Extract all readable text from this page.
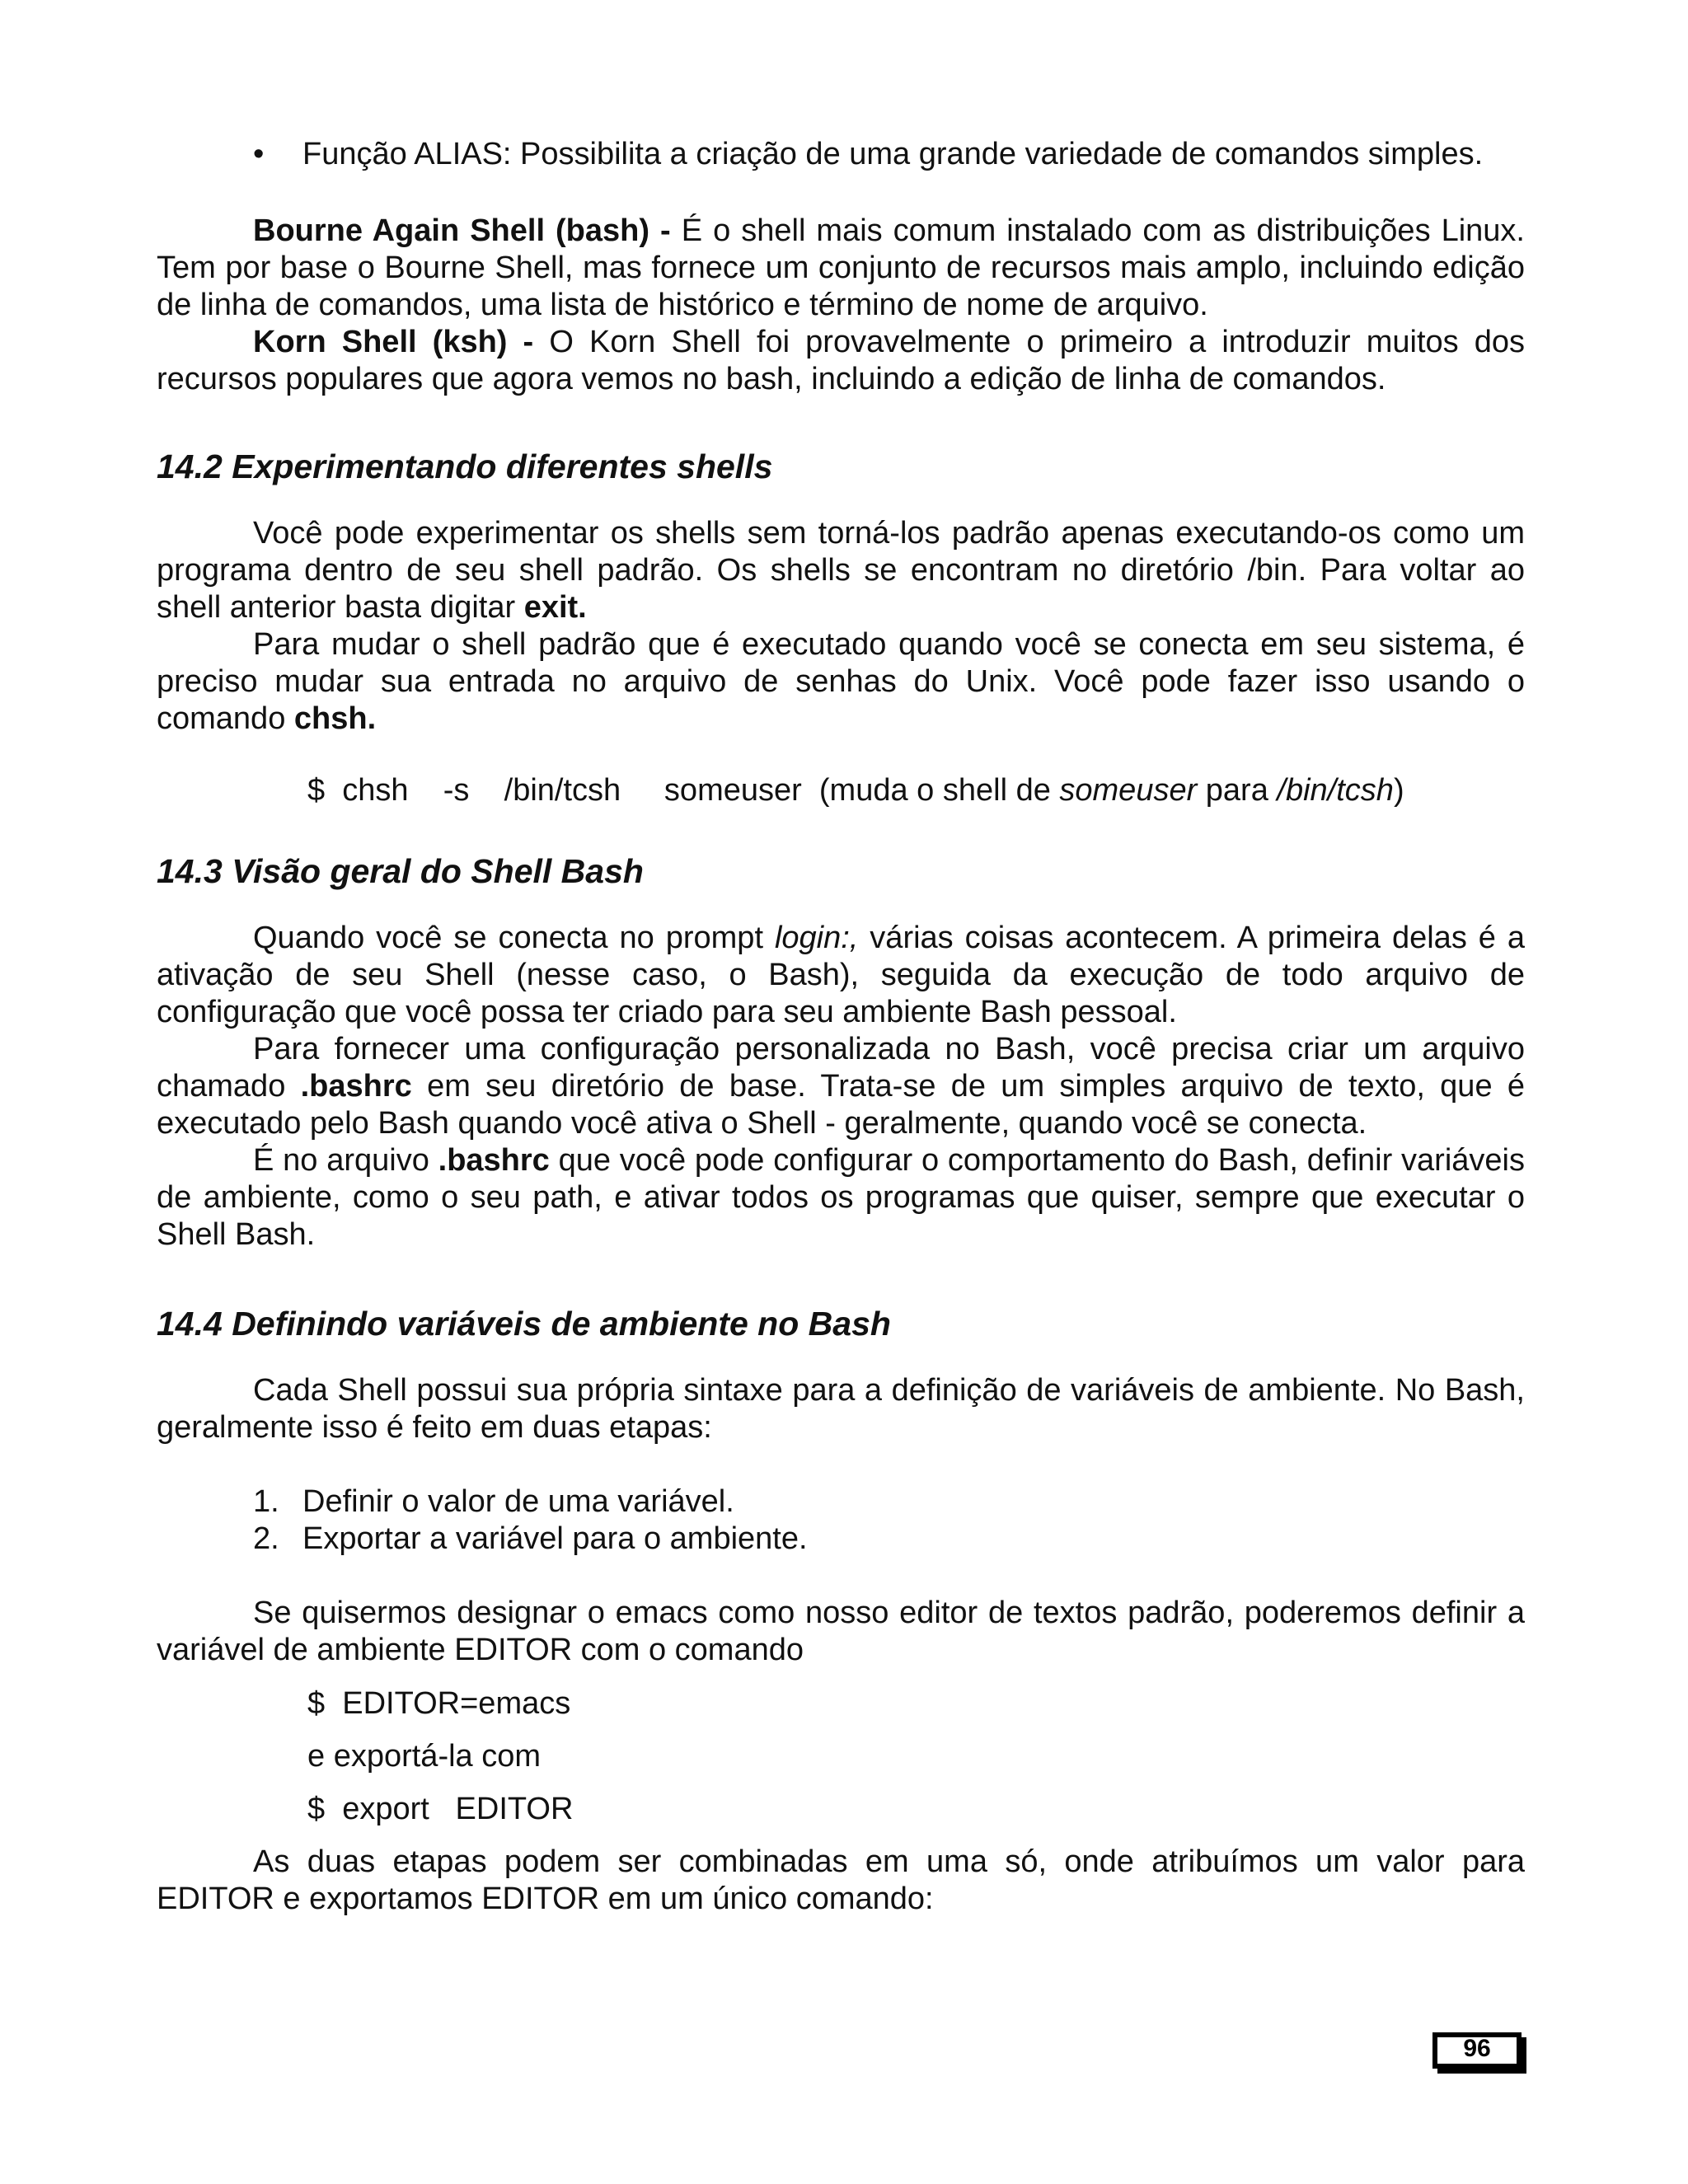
• Função ALIAS: Possibilita a criação de uma grande variedade de comandos simples.

Bourne Again Shell (bash) - É o shell mais comum instalado com as distribuições Linux. Tem por base o Bourne Shell, mas fornece um conjunto de recursos mais amplo, incluindo edição de linha de comandos, uma lista de histórico e término de nome de arquivo.

Korn Shell (ksh) - O Korn Shell foi provavelmente o primeiro a introduzir muitos dos recursos populares que agora vemos no bash, incluindo a edição de linha de comandos.

14.2 Experimentando diferentes shells

Você pode experimentar os shells sem torná-los padrão apenas executando-os como um programa dentro de seu shell padrão. Os shells se encontram no diretório /bin. Para voltar ao shell anterior basta digitar exit.

Para mudar o shell padrão que é executado quando você se conecta em seu sistema, é preciso mudar sua entrada no arquivo de senhas do Unix. Você pode fazer isso usando o comando chsh.

$  chsh    -s    /bin/tcsh     someuser  (muda o shell de someuser para /bin/tcsh)
14.3 Visão geral do Shell Bash

Quando você se conecta no prompt login:, várias coisas acontecem. A primeira delas é a ativação de seu Shell (nesse caso, o Bash), seguida da execução de todo arquivo de configuração que você possa ter criado para seu ambiente Bash pessoal.

Para fornecer uma configuração personalizada no Bash, você precisa criar um arquivo chamado .bashrc em seu diretório de base. Trata-se de um simples arquivo de texto, que é executado pelo Bash quando você ativa o Shell - geralmente, quando você se conecta.

É no arquivo .bashrc que você pode configurar o comportamento do Bash, definir variáveis de ambiente, como o seu path, e ativar todos os programas que quiser, sempre que executar o Shell Bash.

14.4 Definindo variáveis de ambiente no Bash

Cada Shell possui sua própria sintaxe para a definição de variáveis de ambiente. No Bash, geralmente isso é feito em duas etapas:

1. Definir o valor de uma variável.
2. Exportar a variável para o ambiente.

Se quisermos designar o emacs como nosso editor de textos padrão, poderemos definir a variável de ambiente EDITOR com o comando

$  EDITOR=emacs
e exportá-la com
$  export   EDITOR

As duas etapas podem ser combinadas em uma só, onde atribuímos um valor para EDITOR e exportamos EDITOR em um único comando:

96
